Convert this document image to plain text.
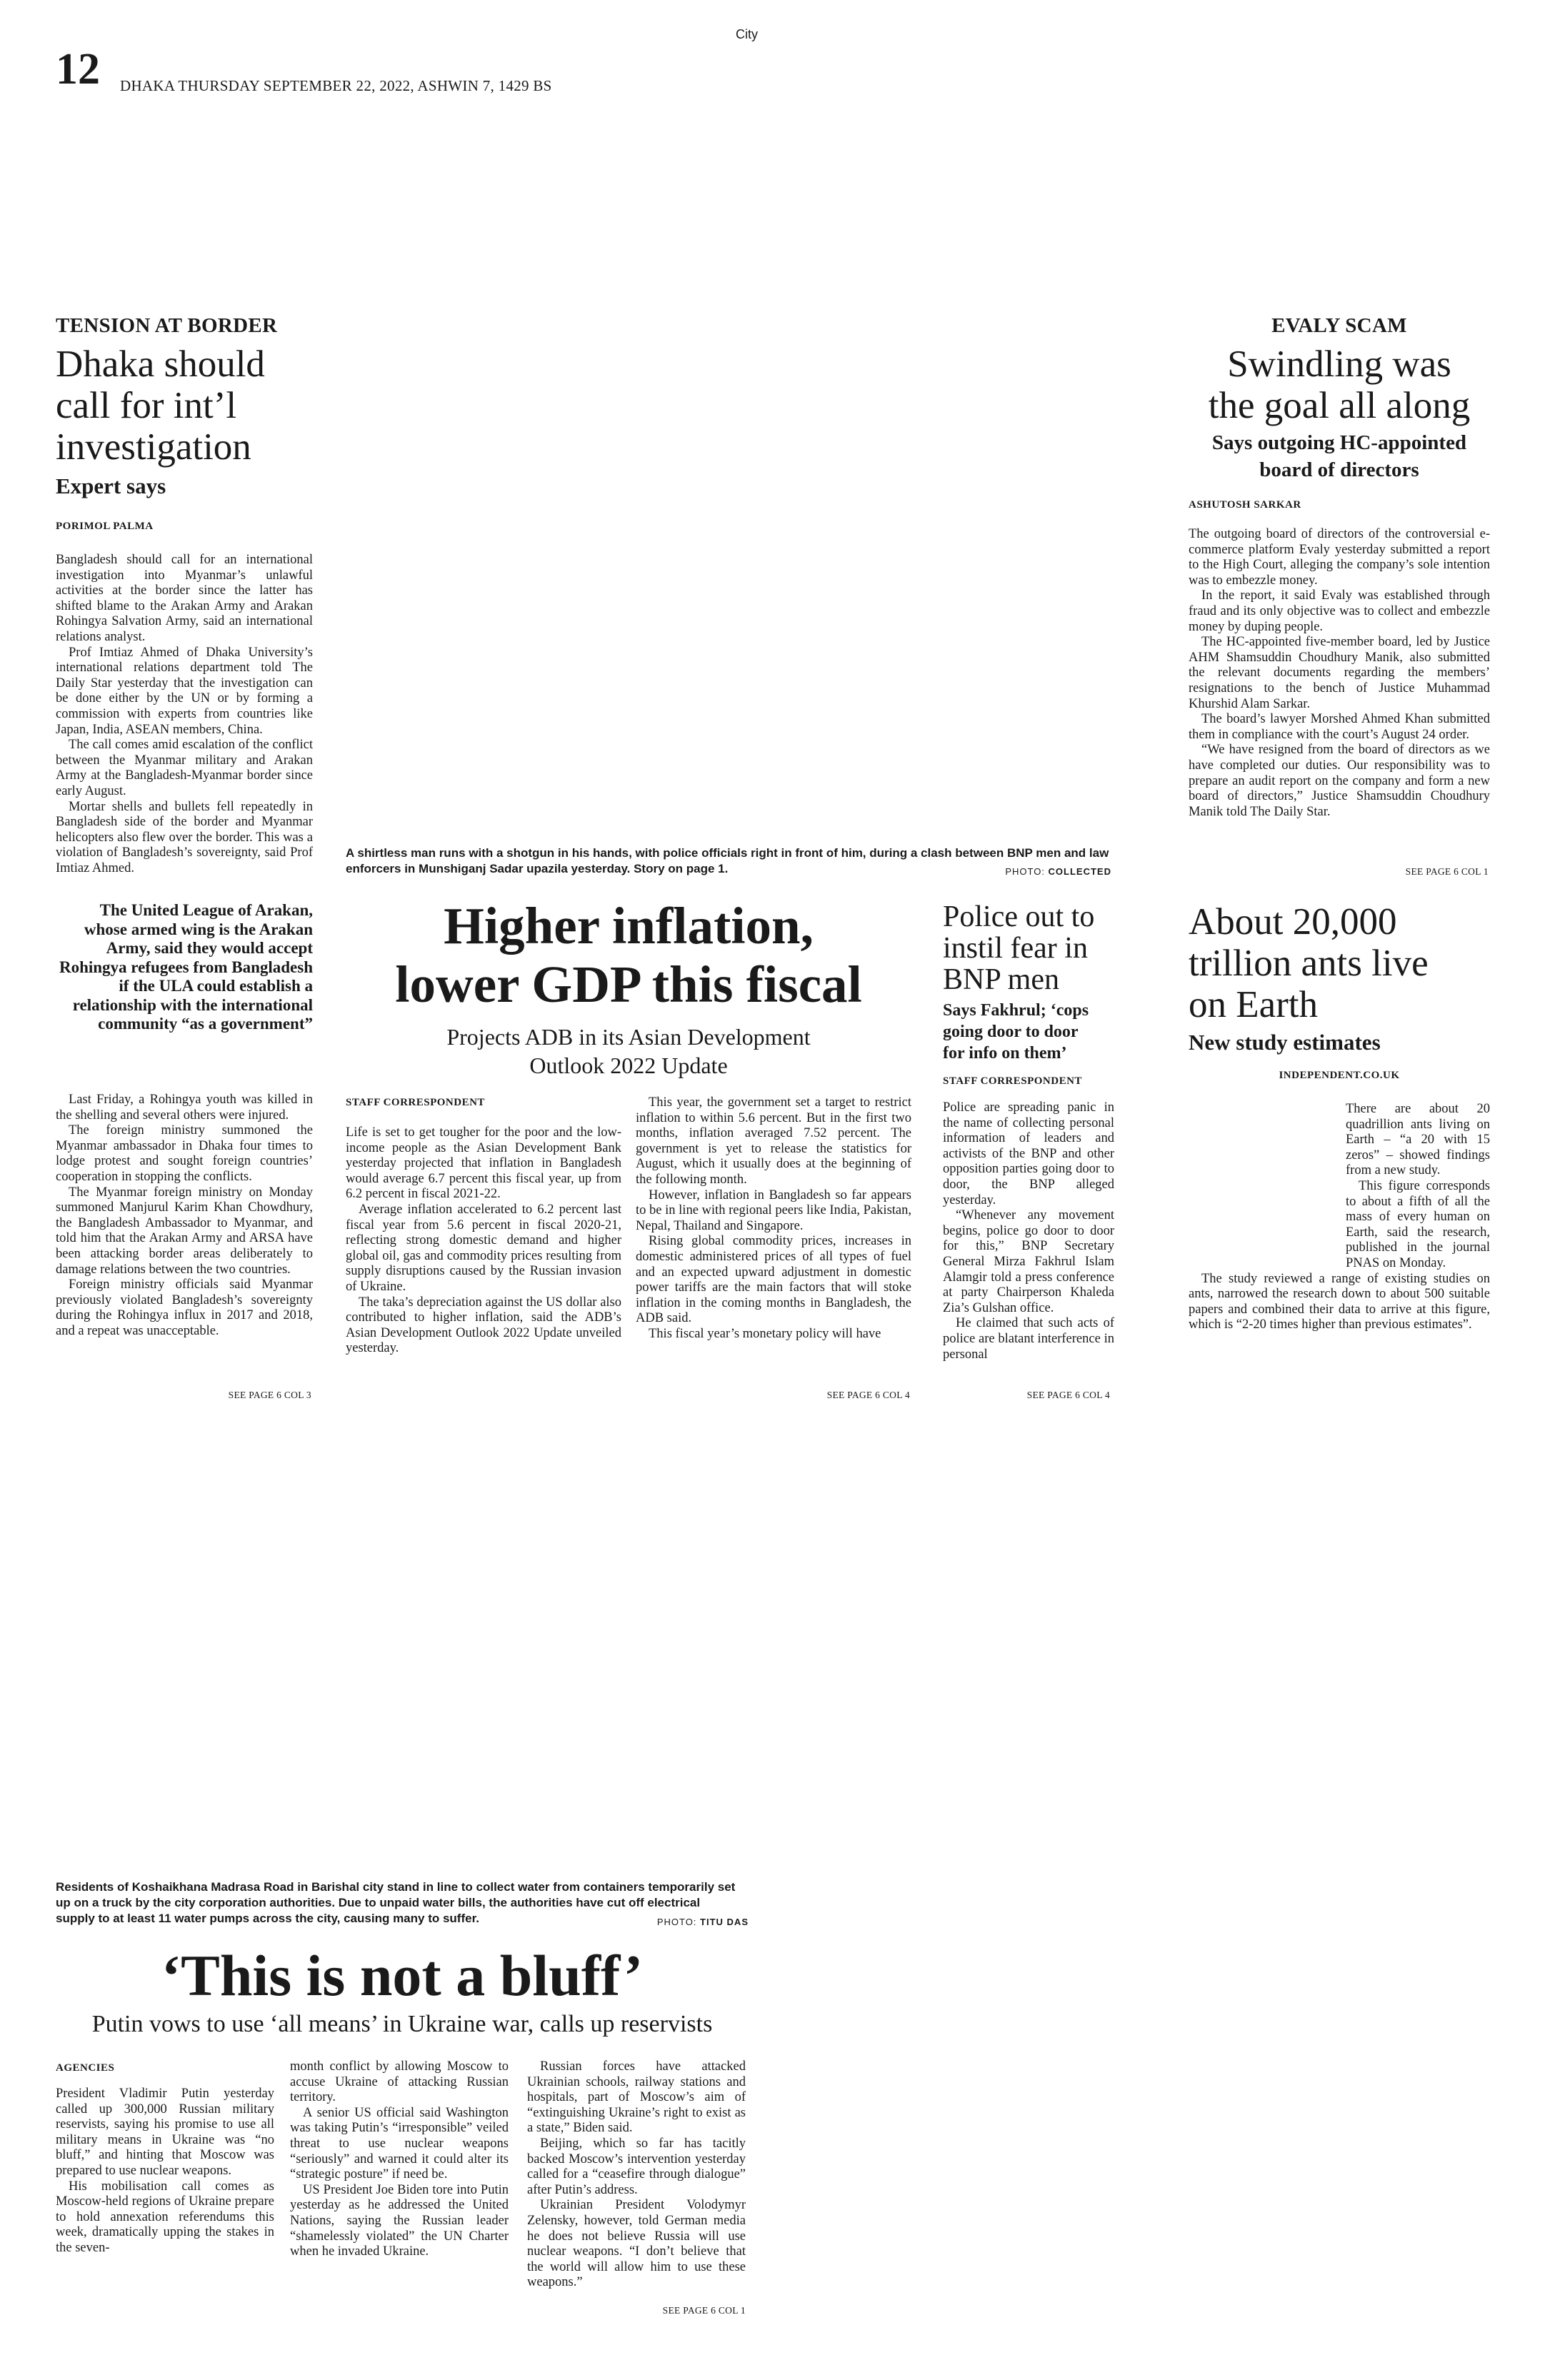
City
12 DHAKA THURSDAY SEPTEMBER 22, 2022, ASHWIN 7, 1429 BS
TENSION AT BORDER
Dhaka should
call for int’l
investigation
Expert says
PORIMOL PALMA

Bangladesh should call for an international investigation into Myanmar’s unlawful activities at the border since the latter has shifted blame to the Arakan Army and Arakan Rohingya Salvation Army, said an international relations analyst.

Prof Imtiaz Ahmed of Dhaka University’s international relations department told The Daily Star yesterday that the investigation can be done either by the UN or by forming a commission with experts from countries like Japan, India, ASEAN members, China.

The call comes amid escalation of the conflict between the Myanmar military and Arakan Army at the Bangladesh-Myanmar border since early August.

Mortar shells and bullets fell repeatedly in Bangladesh side of the border and Myanmar helicopters also flew over the border. This was a violation of Bangladesh’s sovereignty, said Prof Imtiaz Ahmed.

The United League of Arakan, whose armed wing is the Arakan Army, said they would accept Rohingya refugees from Bangladesh if the ULA could establish a relationship with the international community “as a government”

Last Friday, a Rohingya youth was killed in the shelling and several others were injured.

The foreign ministry summoned the Myanmar ambassador in Dhaka four times to lodge protest and sought foreign countries’ cooperation in stopping the conflicts.

The Myanmar foreign ministry on Monday summoned Manjurul Karim Khan Chowdhury, the Bangladesh Ambassador to Myanmar, and told him that the Arakan Army and ARSA have been attacking border areas deliberately to damage relations between the two countries.

Foreign ministry officials said Myanmar previously violated Bangladesh’s sovereignty during the Rohingya influx in 2017 and 2018, and a repeat was unacceptable.

SEE PAGE 6 COL 3
A shirtless man runs with a shotgun in his hands, with police officials right in front of him, during a clash between BNP men and law enforcers in Munshiganj Sadar upazila yesterday. Story on page 1.	PHOTO: COLLECTED
EVALY SCAM
Swindling was
the goal all along
Says outgoing HC-appointed
board of directors
ASHUTOSH SARKAR

The outgoing board of directors of the controversial e-commerce platform Evaly yesterday submitted a report to the High Court, alleging the company’s sole intention was to embezzle money.

In the report, it said Evaly was established through fraud and its only objective was to collect and embezzle money by duping people.

The HC-appointed five-member board, led by Justice AHM Shamsuddin Choudhury Manik, also submitted the relevant documents regarding the members’ resignations to the bench of Justice Muhammad Khurshid Alam Sarkar.

The board’s lawyer Morshed Ahmed Khan submitted them in compliance with the court’s August 24 order.

“We have resigned from the board of directors as we have completed our duties. Our responsibility was to prepare an audit report on the company and form a new board of directors,” Justice Shamsuddin Choudhury Manik told The Daily Star.

SEE PAGE 6 COL 1
Higher inflation,
lower GDP this fiscal
Projects ADB in its Asian Development
Outlook 2022 Update
STAFF CORRESPONDENT

Life is set to get tougher for the poor and the low-income people as the Asian Development Bank yesterday projected that inflation in Bangladesh would average 6.7 percent this fiscal year, up from 6.2 percent in fiscal 2021-22.

Average inflation accelerated to 6.2 percent last fiscal year from 5.6 percent in fiscal 2020-21, reflecting strong domestic demand and higher global oil, gas and commodity prices resulting from supply disruptions caused by the Russian invasion of Ukraine.

The taka’s depreciation against the US dollar also contributed to higher inflation, said the ADB’s Asian Development Outlook 2022 Update unveiled yesterday.

This year, the government set a target to restrict inflation to within 5.6 percent. But in the first two months, inflation averaged 7.52 percent. The government is yet to release the statistics for August, which it usually does at the beginning of the following month.

However, inflation in Bangladesh so far appears to be in line with regional peers like India, Pakistan, Nepal, Thailand and Singapore.

Rising global commodity prices, increases in domestic administered prices of all types of fuel and an expected upward adjustment in domestic power tariffs are the main factors that will stoke inflation in the coming months in Bangladesh, the ADB said.

This fiscal year’s monetary policy will have

SEE PAGE 6 COL 4
Police out to
instil fear in
BNP men
Says Fakhrul; ‘cops
going door to door
for info on them’
STAFF CORRESPONDENT

Police are spreading panic in the name of collecting personal information of leaders and activists of the BNP and other opposition parties going door to door, the BNP alleged yesterday.

“Whenever any movement begins, police go door to door for this,” BNP Secretary General Mirza Fakhrul Islam Alamgir told a press conference at party Chairperson Khaleda Zia’s Gulshan office.

He claimed that such acts of police are blatant interference in personal

SEE PAGE 6 COL 4
About 20,000
trillion ants live
on Earth
New study estimates
INDEPENDENT.CO.UK

There are about 20 quadrillion ants living on Earth – “a 20 with 15 zeros” – showed findings from a new study.

This figure corresponds to about a fifth of all the mass of every human on Earth, said the research, published in the journal PNAS on Monday.

The study reviewed a range of existing studies on ants, narrowed the research down to about 500 suitable papers and combined their data to arrive at this figure, which is “2-20 times higher than previous estimates”.

Residents of Koshaikhana Madrasa Road in Barishal city stand in line to collect water from containers temporarily set up on a truck by the city corporation authorities. Due to unpaid water bills, the authorities have cut off electrical supply to at least 11 water pumps across the city, causing many to suffer.	PHOTO: TITU DAS
‘This is not a bluff’
Putin vows to use ‘all means’ in Ukraine war, calls up reservists
AGENCIES

President Vladimir Putin yesterday called up 300,000 Russian military reservists, saying his promise to use all military means in Ukraine was “no bluff,” and hinting that Moscow was prepared to use nuclear weapons.

His mobilisation call comes as Moscow-held regions of Ukraine prepare to hold annexation referendums this week, dramatically upping the stakes in the seven-

month conflict by allowing Moscow to accuse Ukraine of attacking Russian territory.

A senior US official said Washington was taking Putin’s “irresponsible” veiled threat to use nuclear weapons “seriously” and warned it could alter its “strategic posture” if need be.

US President Joe Biden tore into Putin yesterday as he addressed the United Nations, saying the Russian leader “shamelessly violated” the UN Charter when he invaded Ukraine.

Russian forces have attacked Ukrainian schools, railway stations and hospitals, part of Moscow’s aim of “extinguishing Ukraine’s right to exist as a state,” Biden said.

Beijing, which so far has tacitly backed Moscow’s intervention yesterday called for a “ceasefire through dialogue” after Putin’s address.

Ukrainian President Volodymyr Zelensky, however, told German media he does not believe Russia will use nuclear weapons. “I don’t believe that the world will allow him to use these weapons.”

SEE PAGE 6 COL 1
